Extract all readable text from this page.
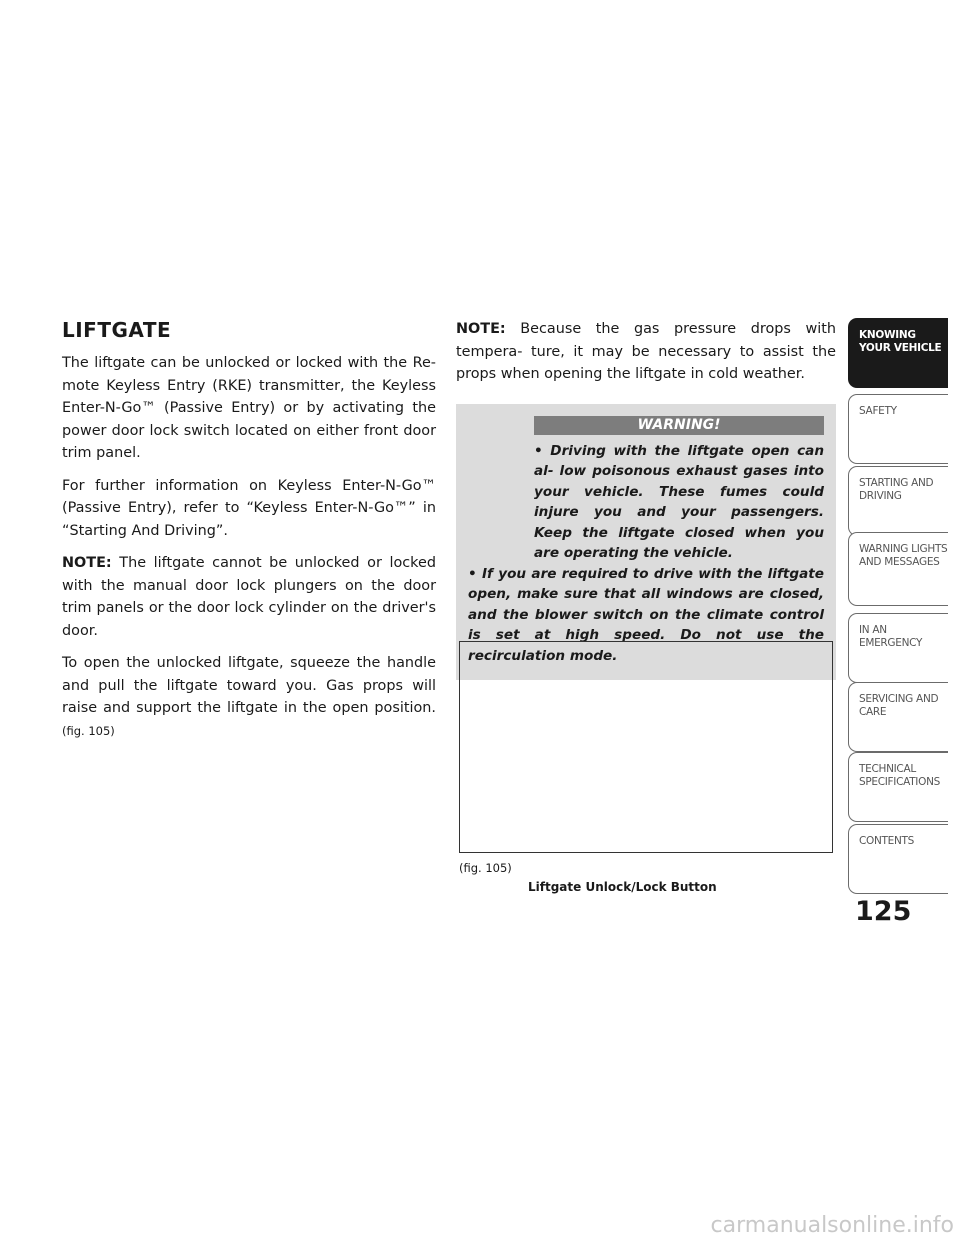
LIFTGATE

The liftgate can be unlocked or locked with the Re- mote Keyless Entry (RKE) transmitter, the Keyless Enter-N-Go™ (Passive Entry) or by activating the power door lock switch located on either front door trim panel.

For further information on Keyless Enter-N-Go™ (Passive Entry), refer to “Keyless Enter-N-Go™” in “Starting And Driving”.

NOTE: The liftgate cannot be unlocked or locked with the manual door lock plungers on the door trim panels or the door lock cylinder on the driver's door.

To open the unlocked liftgate, squeeze the handle and pull the liftgate toward you. Gas props will raise and support the liftgate in the open position. (fig. 105)

NOTE: Because the gas pressure drops with tempera- ture, it may be necessary to assist the props when opening the liftgate in cold weather.

WARNING!

• Driving with the liftgate open can al- low poisonous exhaust gases into your vehicle. These fumes could injure you and your passengers. Keep the liftgate closed when you are operating the vehicle.

• If you are required to drive with the liftgate open, make sure that all windows are closed, and the blower switch on the climate control is set at high speed. Do not use the recirculation mode.

(fig. 105)
Liftgate Unlock/Lock Button
KNOWING YOUR VEHICLE
SAFETY
STARTING AND DRIVING
WARNING LIGHTS AND MESSAGES
IN AN EMERGENCY
SERVICING AND CARE
TECHNICAL SPECIFICATIONS
CONTENTS
125
carmanualsonline.info
